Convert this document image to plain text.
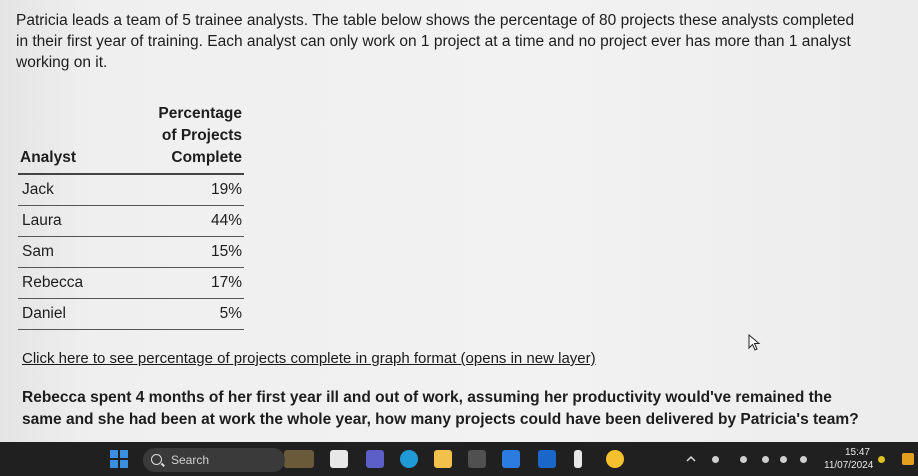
Patricia leads a team of 5 trainee analysts. The table below shows the percentage of 80 projects these analysts completed

in their first year of training. Each analyst can only work on 1 project at a time and no project ever has more than 1 analyst

working on it.

Analyst	Percentage
of Projects
Complete

Jack	19%
Laura	44%
Sam	15%
Rebecca	17%
Daniel	5%
Click here to see percentage of projects complete in graph format (opens in new layer)
Rebecca spent 4 months of her first year ill and out of work, assuming her productivity would've remained the
same and she had been at work the whole year, how many projects could have been delivered by Patricia's team?
Search
15:47
11/07/2024
